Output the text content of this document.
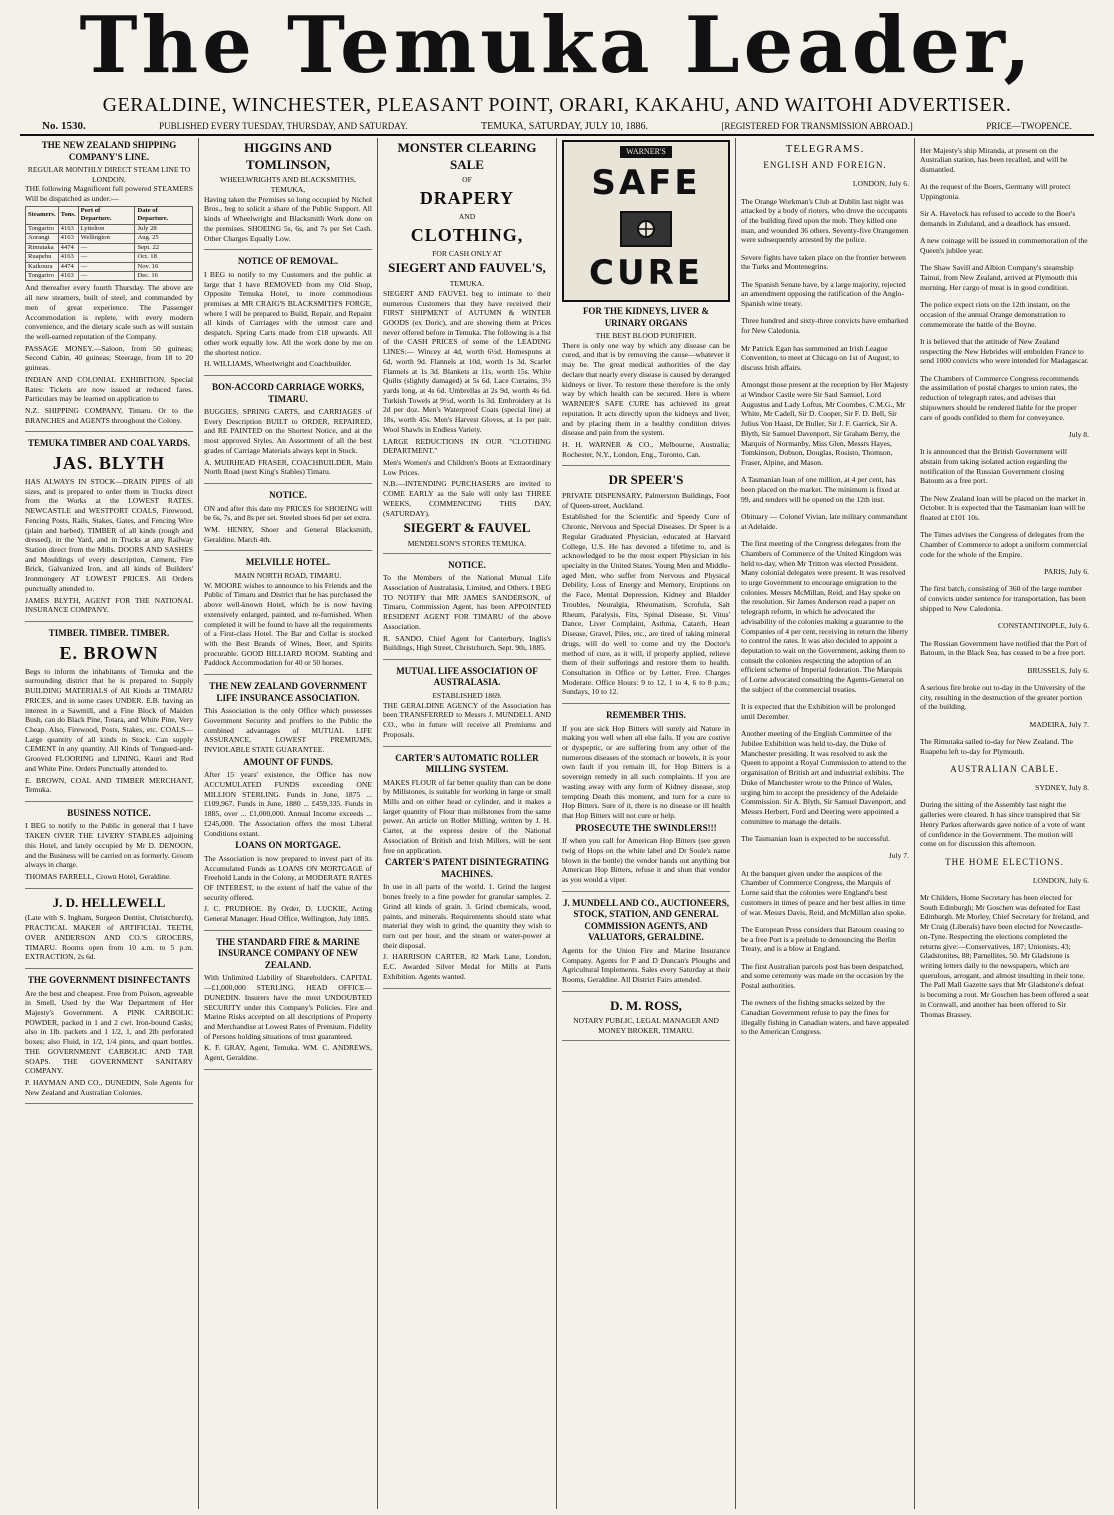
The Temuka Leader,
GERALDINE, WINCHESTER, PLEASANT POINT, ORARI, KAKAHU, AND WAITOHI ADVERTISER.
No. 1530.	PUBLISHED EVERY TUESDAY, THURSDAY, AND SATURDAY.	TEMUKA, SATURDAY, JULY 10, 1886.	[REGISTERED FOR TRANSMISSION ABROAD.]	PRICE—TWOPENCE.
THE NEW ZEALAND SHIPPING COMPANY'S LINE.
REGULAR MONTHLY DIRECT STEAM LINE TO LONDON.

THE following Magnificent full powered STEAMERS Will be dispatched as under:—

Steamers.	Tons.	Port of Departure.	Date of Departure.
Tongariro	4163	Lyttelton	July 28
Aorangi	4163	Wellington	Aug. 25
Rimutaka	4474	—	Sept. 22
Ruapehu	4163	—	Oct. 18
Kaikoura	4474	—	Nov. 16
Tongariro	4163	—	Dec. 16

And thereafter every fourth Thursday. The above are all new steamers, built of steel, and commanded by men of great experience. The Passenger Accommodation is replete, with every modern convenience, and the dietary scale such as will sustain the well-earned reputation of the Company.

PASSAGE MONEY.—Saloon, from 50 guineas; Second Cabin, 40 guineas; Steerage, from 18 to 20 guineas.

INDIAN AND COLONIAL EXHIBITION. Special Rates: Tickets are now issued at reduced fares. Particulars may be learned on application to

N.Z. SHIPPING COMPANY, Timaru. Or to the BRANCHES and AGENTS throughout the Colony.

TEMUKA TIMBER AND COAL YARDS.
JAS. BLYTH

HAS ALWAYS IN STOCK—DRAIN PIPES of all sizes, and is prepared to order them in Trucks direct from the Works at the LOWEST RATES. NEWCASTLE and WESTPORT COALS, Firewood, Fencing Posts, Rails, Stakes, Gates, and Fencing Wire (plain and barbed). TIMBER of all kinds (rough and dressed), in the Yard, and in Trucks at any Railway Station direct from the Mills. DOORS AND SASHES and Mouldings of every description, Cement, Fire Brick, Galvanized Iron, and all kinds of Builders' Ironmongery AT LOWEST PRICES. All Orders punctually attended to.

JAMES BLYTH, AGENT FOR THE NATIONAL INSURANCE COMPANY.

TIMBER. TIMBER. TIMBER.
E. BROWN

Begs to inform the inhabitants of Temuka and the surrounding district that he is prepared to Supply BUILDING MATERIALS of All Kinds at TIMARU PRICES, and in some cases UNDER. E.B. having an interest in a Sawmill, and a Fine Block of Maiden Bush, can do Black Pine, Totara, and White Pine, Very Cheap. Also, Firewood, Posts, Stakes, etc. COALS—Large quantity of all kinds in Stock. Can supply CEMENT in any quantity. All Kinds of Tongued-and-Grooved FLOORING and LINING, Kauri and Red and White Pine. Orders Punctually attended to.

E. BROWN, COAL AND TIMBER MERCHANT, Temuka.

BUSINESS NOTICE.

I BEG to notify to the Public in general that I have TAKEN OVER THE LIVERY STABLES adjoining this Hotel, and lately occupied by Mr D. DENOON, and the Business will be carried on as formerly. Groom always in charge.

THOMAS FARRELL, Crown Hotel, Geraldine.

J. D. HELLEWELL

(Late with S. Ingham, Surgeon Dentist, Christchurch), PRACTICAL MAKER of ARTIFICIAL TEETH, OVER ANDERSON AND CO.'S GROCERS, TIMARU. Rooms open from 10 a.m. to 5 p.m. EXTRACTION, 2s 6d.

THE GOVERNMENT DISINFECTANTS

Are the best and cheapest. Free from Poison, agreeable in Smell, Used by the War Department of Her Majesty's Government. A PINK CARBOLIC POWDER, packed in 1 and 2 cwt. Iron-bound Casks; also in 1lb. packets and 1 1/2, 1, and 2lb perforated boxes; also Fluid, in 1/2, 1/4 pints, and quart bottles. THE GOVERNMENT CARBOLIC AND TAR SOAPS. THE GOVERNMENT SANITARY COMPANY.

P. HAYMAN AND CO., DUNEDIN, Sole Agents for New Zealand and Australian Colonies.

HIGGINS AND TOMLINSON,
WHEELWRIGHTS AND BLACKSMITHS, TEMUKA,

Having taken the Premises so long occupied by Nichol Bros., beg to solicit a share of the Public Support. All kinds of Wheelwright and Blacksmith Work done on the premises. SHOEING 5s, 6s, and 7s per Set Cash. Other Charges Equally Low.

NOTICE OF REMOVAL.

I BEG to notify to my Customers and the public at large that I have REMOVED from my Old Shop, Opposite Temuka Hotel, to more commodious premises at MR CRAIG'S BLACKSMITH'S FORGE, where I will be prepared to Build, Repair, and Repaint all kinds of Carriages with the utmost care and despatch. Spring Carts made from £18 upwards. All other work equally low. All the work done by me on the shortest notice.

H. WILLIAMS, Wheelwright and Coachbuilder.

BON-ACCORD CARRIAGE WORKS, TIMARU.

BUGGIES, SPRING CARTS, and CARRIAGES of Every Description BUILT to ORDER, REPAIRED, and RE PAINTED on the Shortest Notice, and at the most approved Styles. An Assortment of all the best grades of Carriage Materials always kept in Stock.

A. MUIRHEAD FRASER, COACHBUILDER, Main North Road (next King's Stables) Timaru.

NOTICE.

ON and after this date my PRICES for SHOEING will be 6s, 7s, and 8s per set. Steeled shoes 6d per set extra.

WM. HENRY, Shoer and General Blacksmith, Geraldine. March 4th.

MELVILLE HOTEL.
MAIN NORTH ROAD, TIMARU.

W. MOORE wishes to announce to his Friends and the Public of Timaru and District that he has purchased the above well-known Hotel, which he is now having extensively enlarged, painted, and re-furnished. When completed it will be found to have all the requirements of a First-class Hotel. The Bar and Cellar is stocked with the Best Brands of Wines, Beer, and Spirits procurable. GOOD BILLIARD ROOM. Stabling and Paddock Accommodation for 40 or 50 horses.

THE NEW ZEALAND GOVERNMENT LIFE INSURANCE ASSOCIATION.

This Association is the only Office which possesses Government Security and proffers to the Public the combined advantages of MUTUAL LIFE ASSURANCE, LOWEST PREMIUMS, INVIOLABLE STATE GUARANTEE.

AMOUNT OF FUNDS.

After 15 years' existence, the Office has now ACCUMULATED FUNDS exceeding ONE MILLION STERLING. Funds in June, 1875 ... £109,967. Funds in June, 1880 ... £459,335. Funds in 1885, over ... £1,000,000. Annual Income exceeds ... £245,000. The Association offers the most Liberal Conditions extant.

LOANS ON MORTGAGE.

The Association is now prepared to invest part of its Accumulated Funds as LOANS ON MORTGAGE of Freehold Lands in the Colony, at MODERATE RATES OF INTEREST, to the extent of half the value of the security offered.

J. C. PRUDHOE. By Order, D. LUCKIE, Acting General Manager. Head Office, Wellington, July 1885.

THE STANDARD FIRE & MARINE INSURANCE COMPANY OF NEW ZEALAND.

With Unlimited Liability of Shareholders. CAPITAL—£1,000,000 STERLING. HEAD OFFICE—DUNEDIN. Insurers have the most UNDOUBTED SECURITY under this Company's Policies. Fire and Marine Risks accepted on all descriptions of Property and Merchandise at Lowest Rates of Premium. Fidelity of Persons holding situations of trust guaranteed.

K. F. GRAY, Agent, Temuka. WM. C. ANDREWS, Agent, Geraldine.

MONSTER CLEARING SALE
OF
DRAPERY
AND
CLOTHING,
FOR CASH ONLY AT
SIEGERT AND FAUVEL'S,
TEMUKA.

SIEGERT AND FAUVEL beg to intimate to their numerous Customers that they have received their FIRST SHIPMENT of AUTUMN & WINTER GOODS (ex Doric), and are showing them at Prices never offered before in Temuka. The following is a list of the CASH PRICES of some of the LEADING LINES:— Wincey at 4d, worth 6½d. Homespuns at 6d, worth 9d. Flannels at 10d, worth 1s 3d. Scarlet Flannels at 1s 3d. Blankets at 11s, worth 15s. White Quilts (slightly damaged) at 5s 6d. Lace Curtains, 3½ yards long, at 4s 6d. Umbrellas at 2s 9d, worth 4s 6d. Turkish Towels at 9½d, worth 1s 3d. Embroidery at 1s 2d per doz. Men's Waterproof Coats (special line) at 18s, worth 45s. Men's Harvest Gloves, at 1s per pair. Wool Shawls in Endless Variety.

LARGE REDUCTIONS IN OUR "CLOTHING DEPARTMENT."

Men's Women's and Children's Boots at Extraordinary Low Prices.

N.B.—INTENDING PURCHASERS are invited to COME EARLY as the Sale will only last THREE WEEKS, COMMENCING THIS DAY, (SATURDAY).

SIEGERT & FAUVEL
MENDELSON'S STORES TEMUKA.
NOTICE.

To the Members of the National Mutual Life Association of Australasia, Limited, and Others. I BEG TO NOTIFY that MR JAMES SANDERSON, of Timaru, Commission Agent, has been APPOINTED RESIDENT AGENT FOR TIMARU of the above Association.

R. SANDO, Chief Agent for Canterbury, Inglis's Buildings, High Street, Christchurch, Sept. 9th, 1885.

MUTUAL LIFE ASSOCIATION OF AUSTRALASIA.
ESTABLISHED 1869.

THE GERALDINE AGENCY of the Association has been TRANSFERRED to Messrs J. MUNDELL AND CO., who in future will receive all Premiums and Proposals.

CARTER'S AUTOMATIC ROLLER MILLING SYSTEM.

MAKES FLOUR of far better quality than can be done by Millstones, is suitable for working in large or small Mills and on either head or cylinder, and it makes a larger quantity of Flour than millstones from the same power. An article on Roller Milling, written by J. H. Carter, at the express desire of the National Association of British and Irish Millers, will be sent free on application.

CARTER'S PATENT DISINTEGRATING MACHINES.

In use in all parts of the world. 1. Grind the largest bones freely to a fine powder for granular samples. 2. Grind all kinds of grain. 3. Grind chemicals, wood, paints, and minerals. Requirements should state what material they wish to grind, the quantity they wish to turn out per hour, and the steam or water-power at their disposal.

J. HARRISON CARTER, 82 Mark Lane, London, E.C. Awarded Silver Medal for Mills at Paris Exhibition. Agents wanted.

WARNER'S
SAFE
CURE
FOR THE KIDNEYS, LIVER & URINARY ORGANS
THE BEST BLOOD PURIFIER.

There is only one way by which any disease can be cured, and that is by removing the cause—whatever it may be. The great medical authorities of the day declare that nearly every disease is caused by deranged kidneys or liver. To restore these therefore is the only way by which health can be secured. Here is where WARNER'S SAFE CURE has achieved its great reputation. It acts directly upon the kidneys and liver, and by placing them in a healthy condition drives disease and pain from the system.

H. H. WARNER & CO., Melbourne, Australia; Rochester, N.Y., London, Eng., Toronto, Can.

DR SPEER'S

PRIVATE DISPENSARY, Palmerston Buildings, Foot of Queen-street, Auckland.

Established for the Scientific and Speedy Cure of Chronic, Nervous and Special Diseases. Dr Speer is a Regular Graduated Physician, educated at Harvard College, U.S. He has devoted a lifetime to, and is acknowledged to be the most expert Physician in his specialty in the United States. Young Men and Middle-aged Men, who suffer from Nervous and Physical Debility, Loss of Energy and Memory, Eruptions on the Face, Mental Depression, Kidney and Bladder Troubles, Neuralgia, Rheumatism, Scrofula, Salt Rheum, Paralysis, Fits, Spinal Disease, St. Vitus' Dance, Liver Complaint, Asthma, Catarrh, Heart Disease, Gravel, Piles, etc., are tired of taking mineral drugs, will do well to come and try the Doctor's method of cure, as it will, if properly applied, relieve them of their sufferings and restore them to health. Consultation in Office or by Letter, Free. Charges Moderate. Office Hours: 9 to 12, 1 to 4, 6 to 8 p.m.; Sundays, 10 to 12.

REMEMBER THIS.

If you are sick Hop Bitters will surely aid Nature in making you well when all else fails. If you are costive or dyspeptic, or are suffering from any other of the numerous diseases of the stomach or bowels, it is your own fault if you remain ill, for Hop Bitters is a sovereign remedy in all such complaints. If you are wasting away with any form of Kidney disease, stop tempting Death this moment, and turn for a cure to Hop Bitters. Sure of it, there is no disease or ill health that Hop Bitters will not cure or help.

PROSECUTE THE SWINDLERS!!!

If when you call for American Hop Bitters (see green twig of Hops on the white label and Dr Soule's name blown in the bottle) the vendor hands out anything but American Hop Bitters, refuse it and shun that vendor as you would a viper.

J. MUNDELL AND CO., AUCTIONEERS, STOCK, STATION, AND GENERAL COMMISSION AGENTS, AND VALUATORS, GERALDINE.

Agents for the Union Fire and Marine Insurance Company. Agents for P and D Duncan's Ploughs and Agricultural Implements. Sales every Saturday at their Rooms, Geraldine. All District Fairs attended.

D. M. ROSS,
NOTARY PUBLIC, LEGAL MANAGER AND MONEY BROKER, TIMARU.
TELEGRAMS.
ENGLISH AND FOREIGN.

LONDON, July 6.

The Orange Workman's Club at Dublin last night was attacked by a body of rioters, who drove the occupants of the building fired upon the mob. They killed one man, and wounded 36 others. Seventy-five Orangemen were subsequently arrested by the police.

Severe fights have taken place on the frontier between the Turks and Montenegrins.

The Spanish Senate have, by a large majority, rejected an amendment opposing the ratification of the Anglo-Spanish wine treaty.

Three hundred and sixty-three convicts have embarked for New Caledonia.

Mr Patrick Egan has summoned an Irish League Convention, to meet at Chicago on 1st of August, to discuss Irish affairs.

Amongst those present at the reception by Her Majesty at Windsor Castle were Sir Saul Samuel, Lord Augustus and Lady Loftus, Mr Coombes, C.M.G., Mr White, Mr Cadell, Sir D. Cooper, Sir F. D. Bell, Sir Julius Von Haast, Dr Buller, Sir J. F. Garrick, Sir A. Blyth, Sir Samuel Davenport, Sir Graham Berry, the Marquis of Normanby, Miss Glen, Messrs Hayes, Tomkinson, Dobson, Douglas, Rosisto, Thomson, Fraser, Alpine, and Mason.

A Tasmanian loan of one million, at 4 per cent, has been placed on the market. The minimum is fixed at 99, and tenders will be opened on the 12th inst.

Obituary — Colonel Vivian, late military commandant at Adelaide.

The first meeting of the Congress delegates from the Chambers of Commerce of the United Kingdom was held to-day, when Mr Tritton was elected President. Many colonial delegates were present. It was resolved to urge Government to encourage emigration to the colonies. Messrs McMillan, Reid, and Hay spoke on the resolution. Sir James Anderson read a paper on telegraph reform, in which he advocated the advisability of the colonies making a guarantee to the Companies of 4 per cent, receiving in return the liberty to control the rates. It was also decided to appoint a deputation to wait on the Government, asking them to consult the colonies respecting the adoption of an efficient scheme of Imperial federation. The Marquis of Lorne advocated consulting the Agents-General on the subject of the commercial treaties.

It is expected that the Exhibition will be prolonged until December.

Another meeting of the English Committee of the Jubilee Exhibition was held to-day, the Duke of Manchester presiding. It was resolved to ask the Queen to appoint a Royal Commission to attend to the organisation of British art and industrial exhibits. The Duke of Manchester wrote to the Prince of Wales, urging him to accept the presidency of the Adelaide Commission. Sir A. Blyth, Sir Samuel Davenport, and Messrs Herbert, Ford and Deering were appointed a committee to manage the details.

The Tasmanian loan is expected to be successful.

July 7.

At the banquet given under the auspices of the Chamber of Commerce Congress, the Marquis of Lorne said that the colonies were England's best customers in times of peace and her best allies in time of war. Messrs Davis, Reid, and McMillan also spoke.

The European Press considers that Batoum ceasing to be a free Port is a prelude to denouncing the Berlin Treaty, and is a blow at England.

The first Australian parcels post has been despatched, and some ceremony was made on the occasion by the Postal authorities.

The owners of the fishing smacks seized by the Canadian Government refuse to pay the fines for illegally fishing in Canadian waters, and have appealed to the American Congress.

Her Majesty's ship Miranda, at present on the Australian station, has been recalled, and will be dismantled.

At the request of the Boers, Germany will protect Uppingtonia.

Sir A. Havelock has refused to accede to the Boer's demands in Zululand, and a deadlock has ensued.

A new coinage will be issued in commemoration of the Queen's jubilee year.

The Shaw Savill and Albion Company's steamship Tainui, from New Zealand, arrived at Plymouth this morning. Her cargo of meat is in good condition.

The police expect riots on the 12th instant, on the occasion of the annual Orange demonstration to commemorate the battle of the Boyne.

It is believed that the attitude of New Zealand respecting the New Hebrides will embolden France to send 1000 convicts who were intended for Madagascar.

The Chambers of Commerce Congress recommends the assimilation of postal charges to union rates, the reduction of telegraph rates, and advises that shipowners should be rendered liable for the proper care of goods confided to them for conveyance.

July 8.

It is announced that the British Government will abstain from taking isolated action regarding the notification of the Russian Government closing Batoum as a free port.

The New Zealand loan will be placed on the market in October. It is expected that the Tasmanian loan will be floated at £101 10s.

The Times advises the Congress of delegates from the Chamber of Commerce to adopt a uniform commercial code for the whole of the Empire.

PARIS, July 6.

The first batch, consisting of 360 of the large number of convicts under sentence for transportation, has been shipped to New Caledonia.

CONSTANTINOPLE, July 6.

The Russian Government have notified that the Port of Batoum, in the Black Sea, has ceased to be a free port.

BRUSSELS, July 6.

A serious fire broke out to-day in the University of the city, resulting in the destruction of the greater portion of the building.

MADEIRA, July 7.

The Rimutaka sailed to-day for New Zealand. The Ruapehu left to-day for Plymouth.

AUSTRALIAN CABLE.

SYDNEY, July 8.

During the sitting of the Assembly last night the galleries were cleared. It has since transpired that Sir Henry Parkes afterwards gave notice of a vote of want of confidence in the Government. The motion will come on for discussion this afternoon.

THE HOME ELECTIONS.

LONDON, July 6.

Mr Childers, Home Secretary has been elected for South Edinburgh; Mr Goschen was defeated for East Edinburgh. Mr Morley, Chief Secretary for Ireland, and Mr Craig (Liberals) have been elected for Newcastle-on-Tyne. Respecting the elections completed the returns give:—Conservatives, 187; Unionists, 43; Gladstonites, 88; Parnellites, 50. Mr Gladstone is writing letters daily to the newspapers, which are querulous, arrogant, and almost insulting in their tone. The Pall Mall Gazette says that Mr Gladstone's defeat is becoming a rout. Mr Goschen has been offered a seat in Cornwall, and another has been offered to Sir Thomas Brassey.
